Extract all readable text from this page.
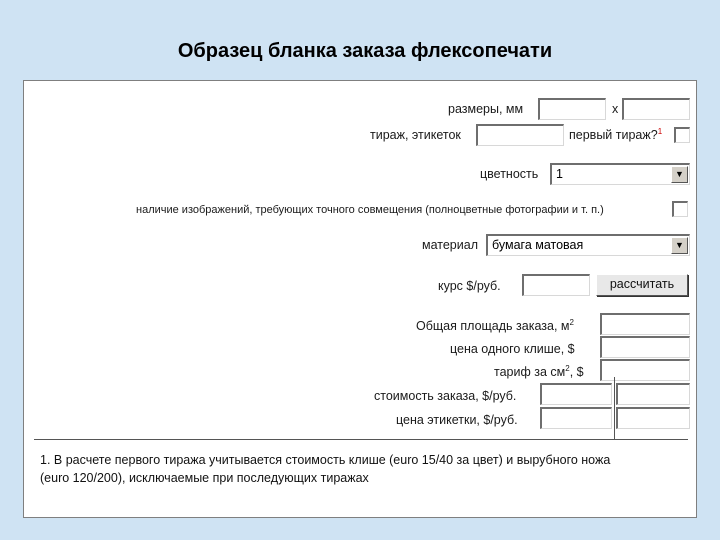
Образец бланка заказа флексопечати
размеры, мм	x
тираж, этикеток	первый тираж?$^1$
цветность	1	▼
наличие изображений, требующих точного совмещения (полноцветные фотографии и т. п.)
материал	бумага матовая	▼
курс $/руб.	рассчитать
Общая площадь заказа, $м^2$
цена одного клише, $
тариф за $см^2$, $
стоимость заказа, $/руб.
цена этикетки, $/руб.
1. В расчете первого тиража учитывается стоимость клише (euro 15/40 за цвет) и вырубного ножа
(euro 120/200), исключаемые при последующих тиражах
